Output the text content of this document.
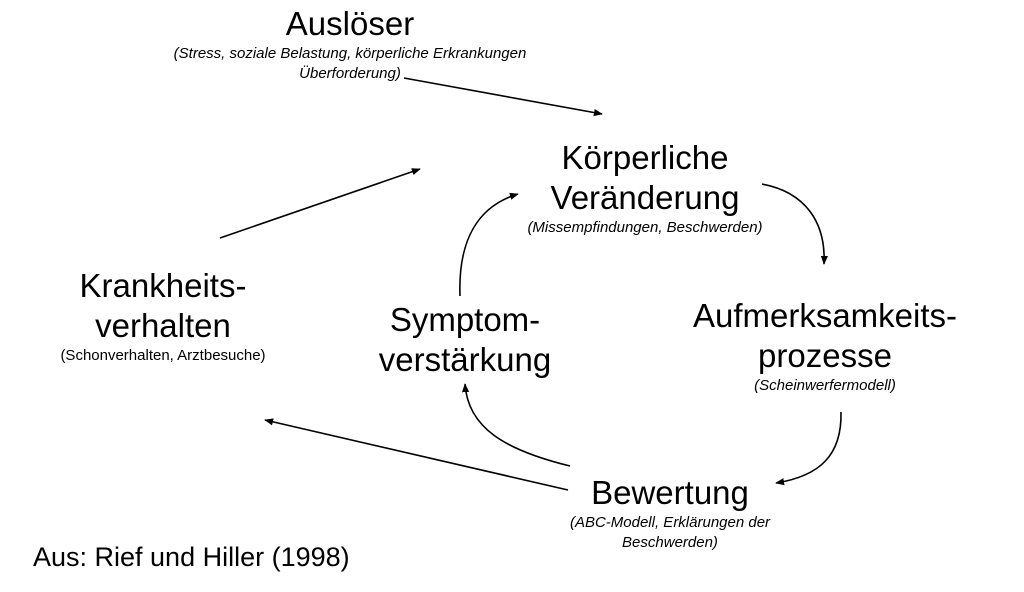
Auslöser
(Stress, soziale Belastung, körperliche Erkrankungen
Überforderung)
Körperliche
Veränderung
(Missempfindungen, Beschwerden)
Aufmerksamkeits-
prozesse
(Scheinwerfermodell)
Bewertung
(ABC-Modell, Erklärungen der
Beschwerden)
Symptom-
verstärkung
Krankheits-
verhalten
(Schonverhalten, Arztbesuche)
Aus: Rief und Hiller (1998)
